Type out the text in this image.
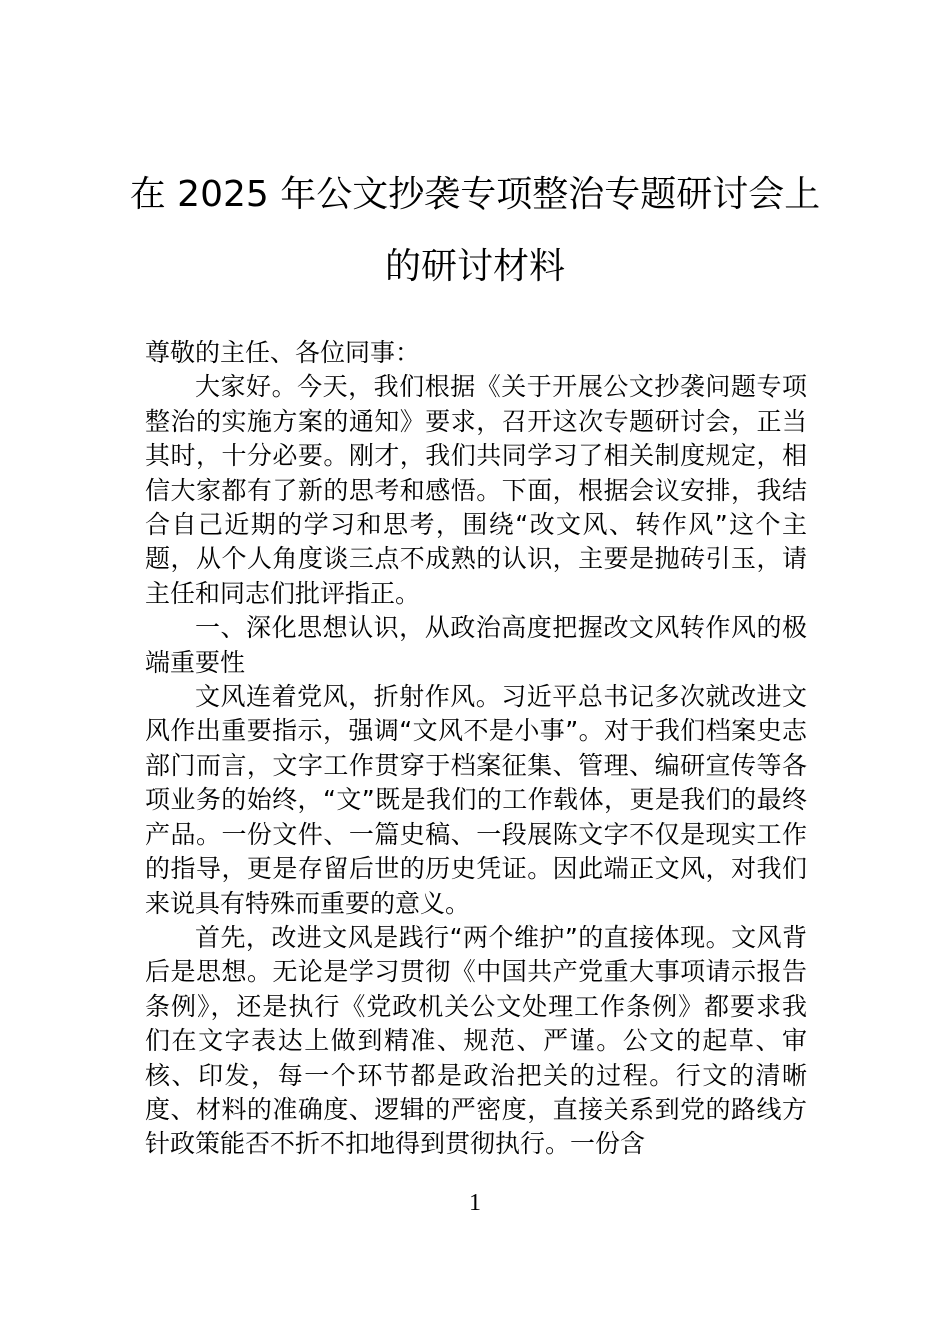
在 2025 年公文抄袭专项整治专题研讨会上
的研讨材料

尊敬的主任、各位同事：

大家好。今天，我们根据《关于开展公文抄袭问题专项整治的实施方案的通知》要求，召开这次专题研讨会，正当其时，十分必要。刚才，我们共同学习了相关制度规定，相信大家都有了新的思考和感悟。下面，根据会议安排，我结合自己近期的学习和思考，围绕“改文风、转作风”这个主题，从个人角度谈三点不成熟的认识，主要是抛砖引玉，请主任和同志们批评指正。

一、深化思想认识，从政治高度把握改文风转作风的极端重要性

文风连着党风，折射作风。习近平总书记多次就改进文风作出重要指示，强调“文风不是小事”。对于我们档案史志部门而言，文字工作贯穿于档案征集、管理、编研宣传等各项业务的始终，“文”既是我们的工作载体，更是我们的最终产品。一份文件、一篇史稿、一段展陈文字不仅是现实工作的指导，更是存留后世的历史凭证。因此端正文风，对我们来说具有特殊而重要的意义。

首先，改进文风是践行“两个维护”的直接体现。文风背后是思想。无论是学习贯彻《中国共产党重大事项请示报告条例》，还是执行《党政机关公文处理工作条例》都要求我们在文字表达上做到精准、规范、严谨。公文的起草、审核、印发，每一个环节都是政治把关的过程。行文的清晰度、材料的准确度、逻辑的严密度，直接关系到党的路线方针政策能否不折不扣地得到贯彻执行。一份含

1
